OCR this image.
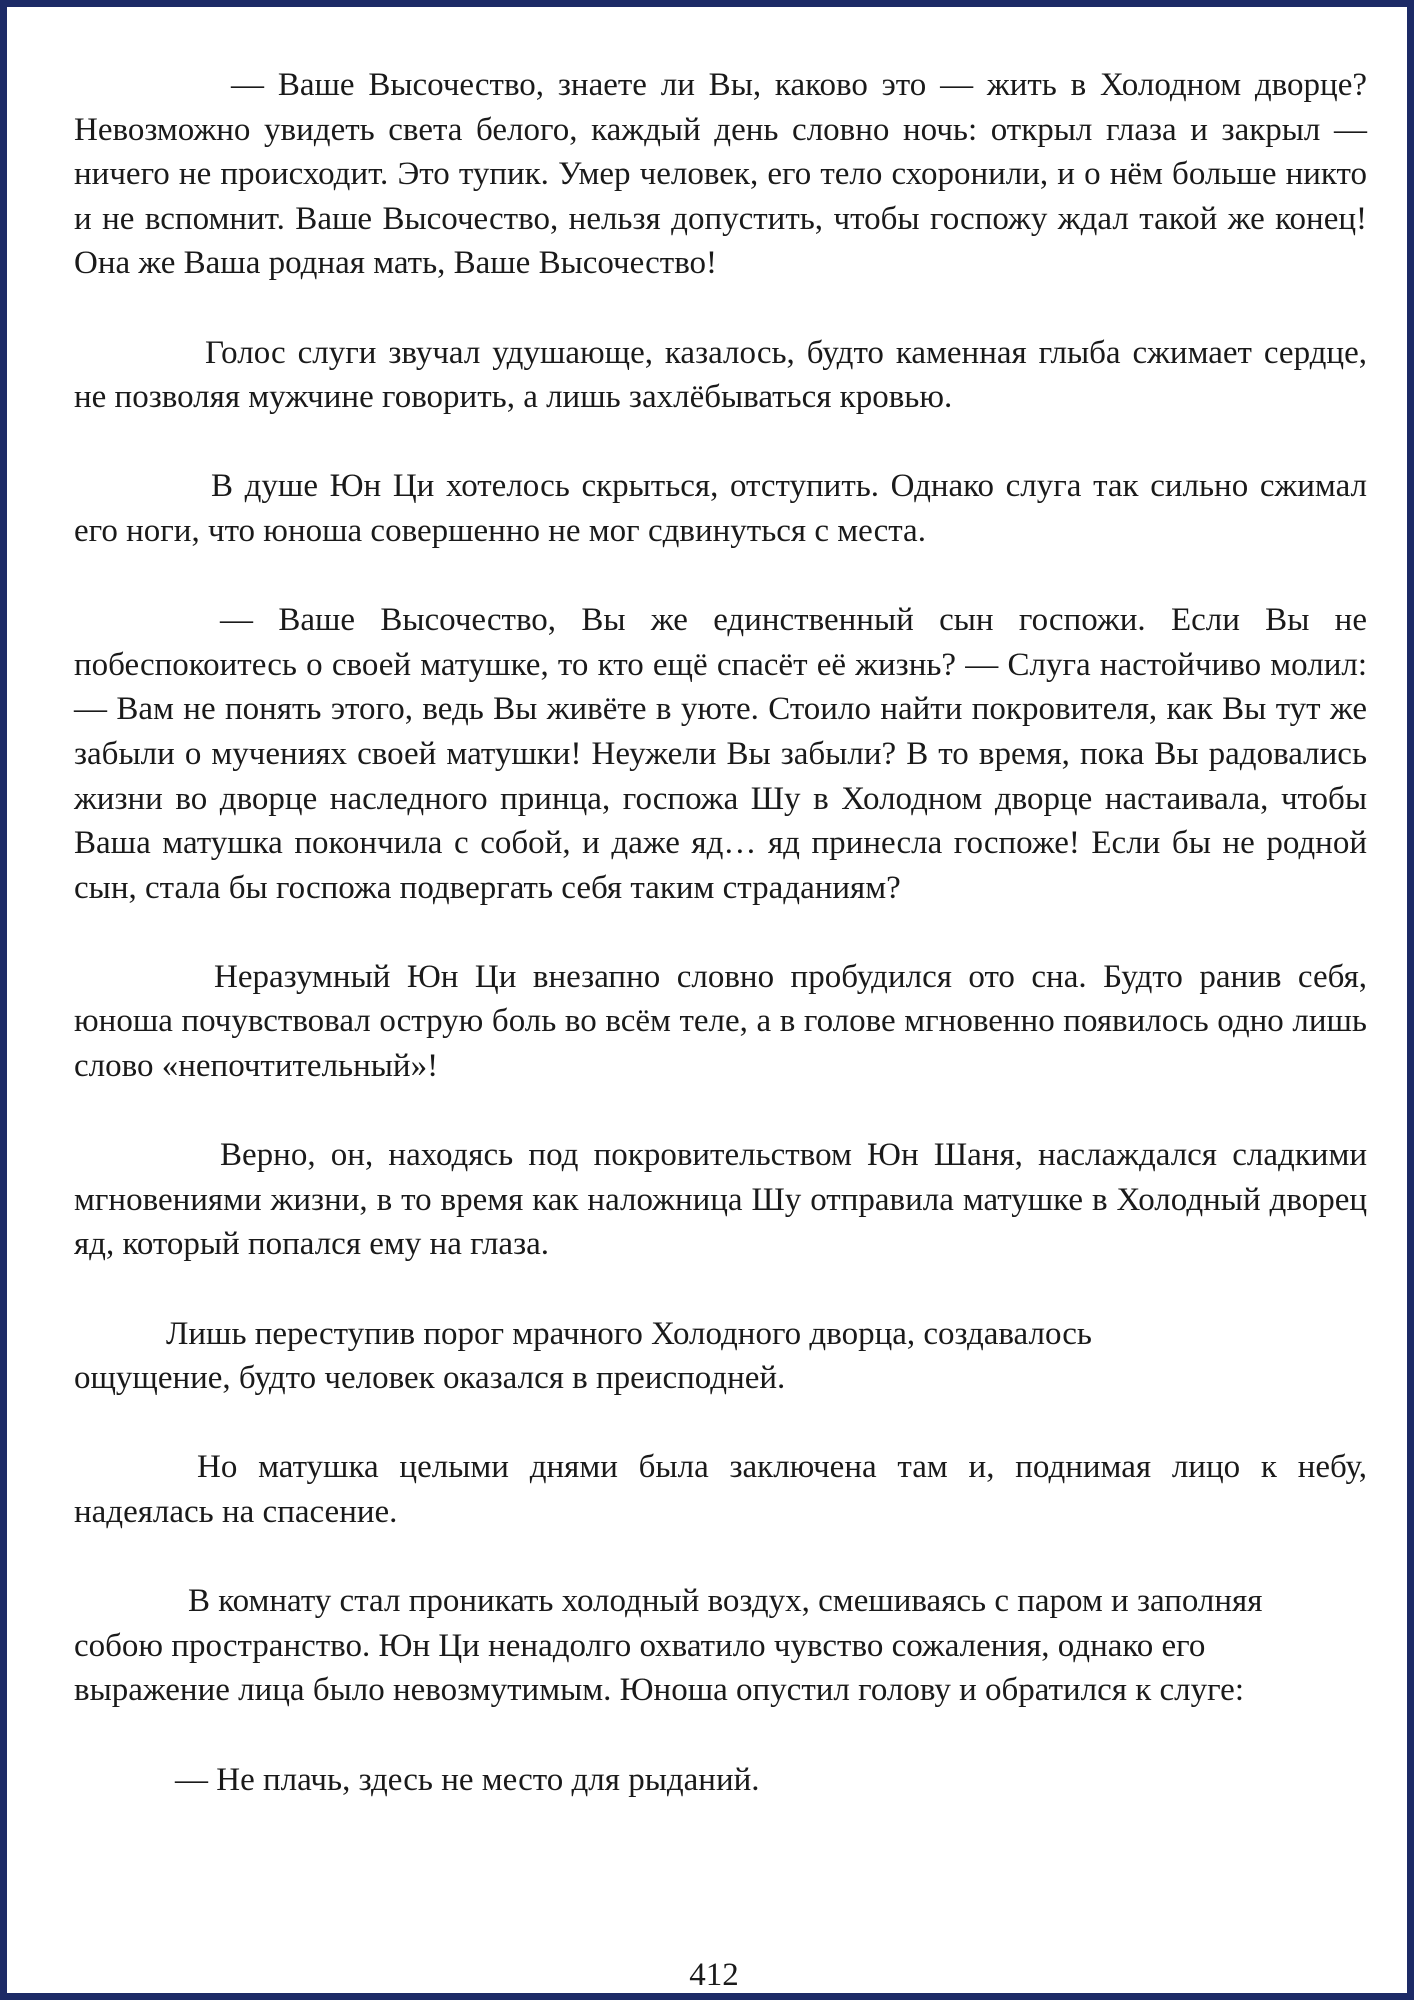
— Ваше Высочество, знаете ли Вы, каково это — жить в Холодном дворце? Невозможно увидеть света белого, каждый день словно ночь: открыл глаза и закрыл — ничего не происходит. Это тупик. Умер человек, его тело схоронили, и о нём больше никто и не вспомнит. Ваше Высочество, нельзя допустить, чтобы госпожу ждал такой же конец! Она же Ваша родная мать, Ваше Высочество!

Голос слуги звучал удушающе, казалось, будто каменная глыба сжимает сердце, не позволяя мужчине говорить, а лишь захлёбываться кровью.

В душе Юн Ци хотелось скрыться, отступить. Однако слуга так сильно сжимал его ноги, что юноша совершенно не мог сдвинуться с места.

— Ваше Высочество, Вы же единственный сын госпожи. Если Вы не побеспокоитесь о своей матушке, то кто ещё спасёт её жизнь? — Слуга настойчиво молил: — Вам не понять этого, ведь Вы живёте в уюте. Стоило найти покровителя, как Вы тут же забыли о мучениях своей матушки! Неужели Вы забыли? В то время, пока Вы радовались жизни во дворце наследного принца, госпожа Шу в Холодном дворце настаивала, чтобы Ваша матушка покончила с собой, и даже яд… яд принесла госпоже! Если бы не родной сын, стала бы госпожа подвергать себя таким страданиям?

Неразумный Юн Ци внезапно словно пробудился ото сна. Будто ранив себя, юноша почувствовал острую боль во всём теле, а в голове мгновенно появилось одно лишь слово «непочтительный»!

Верно, он, находясь под покровительством Юн Шаня, наслаждался сладкими мгновениями жизни, в то время как наложница Шу отправила матушке в Холодный дворец яд, который попался ему на глаза.

Лишь переступив порог мрачного Холодного дворца, создавалось ощущение, будто человек оказался в преисподней.

Но матушка целыми днями была заключена там и, поднимая лицо к небу, надеялась на спасение.

В комнату стал проникать холодный воздух, смешиваясь с паром и заполняя собою пространство. Юн Ци ненадолго охватило чувство сожаления, однако его выражение лица было невозмутимым. Юноша опустил голову и обратился к слуге:

— Не плачь, здесь не место для рыданий.

412
